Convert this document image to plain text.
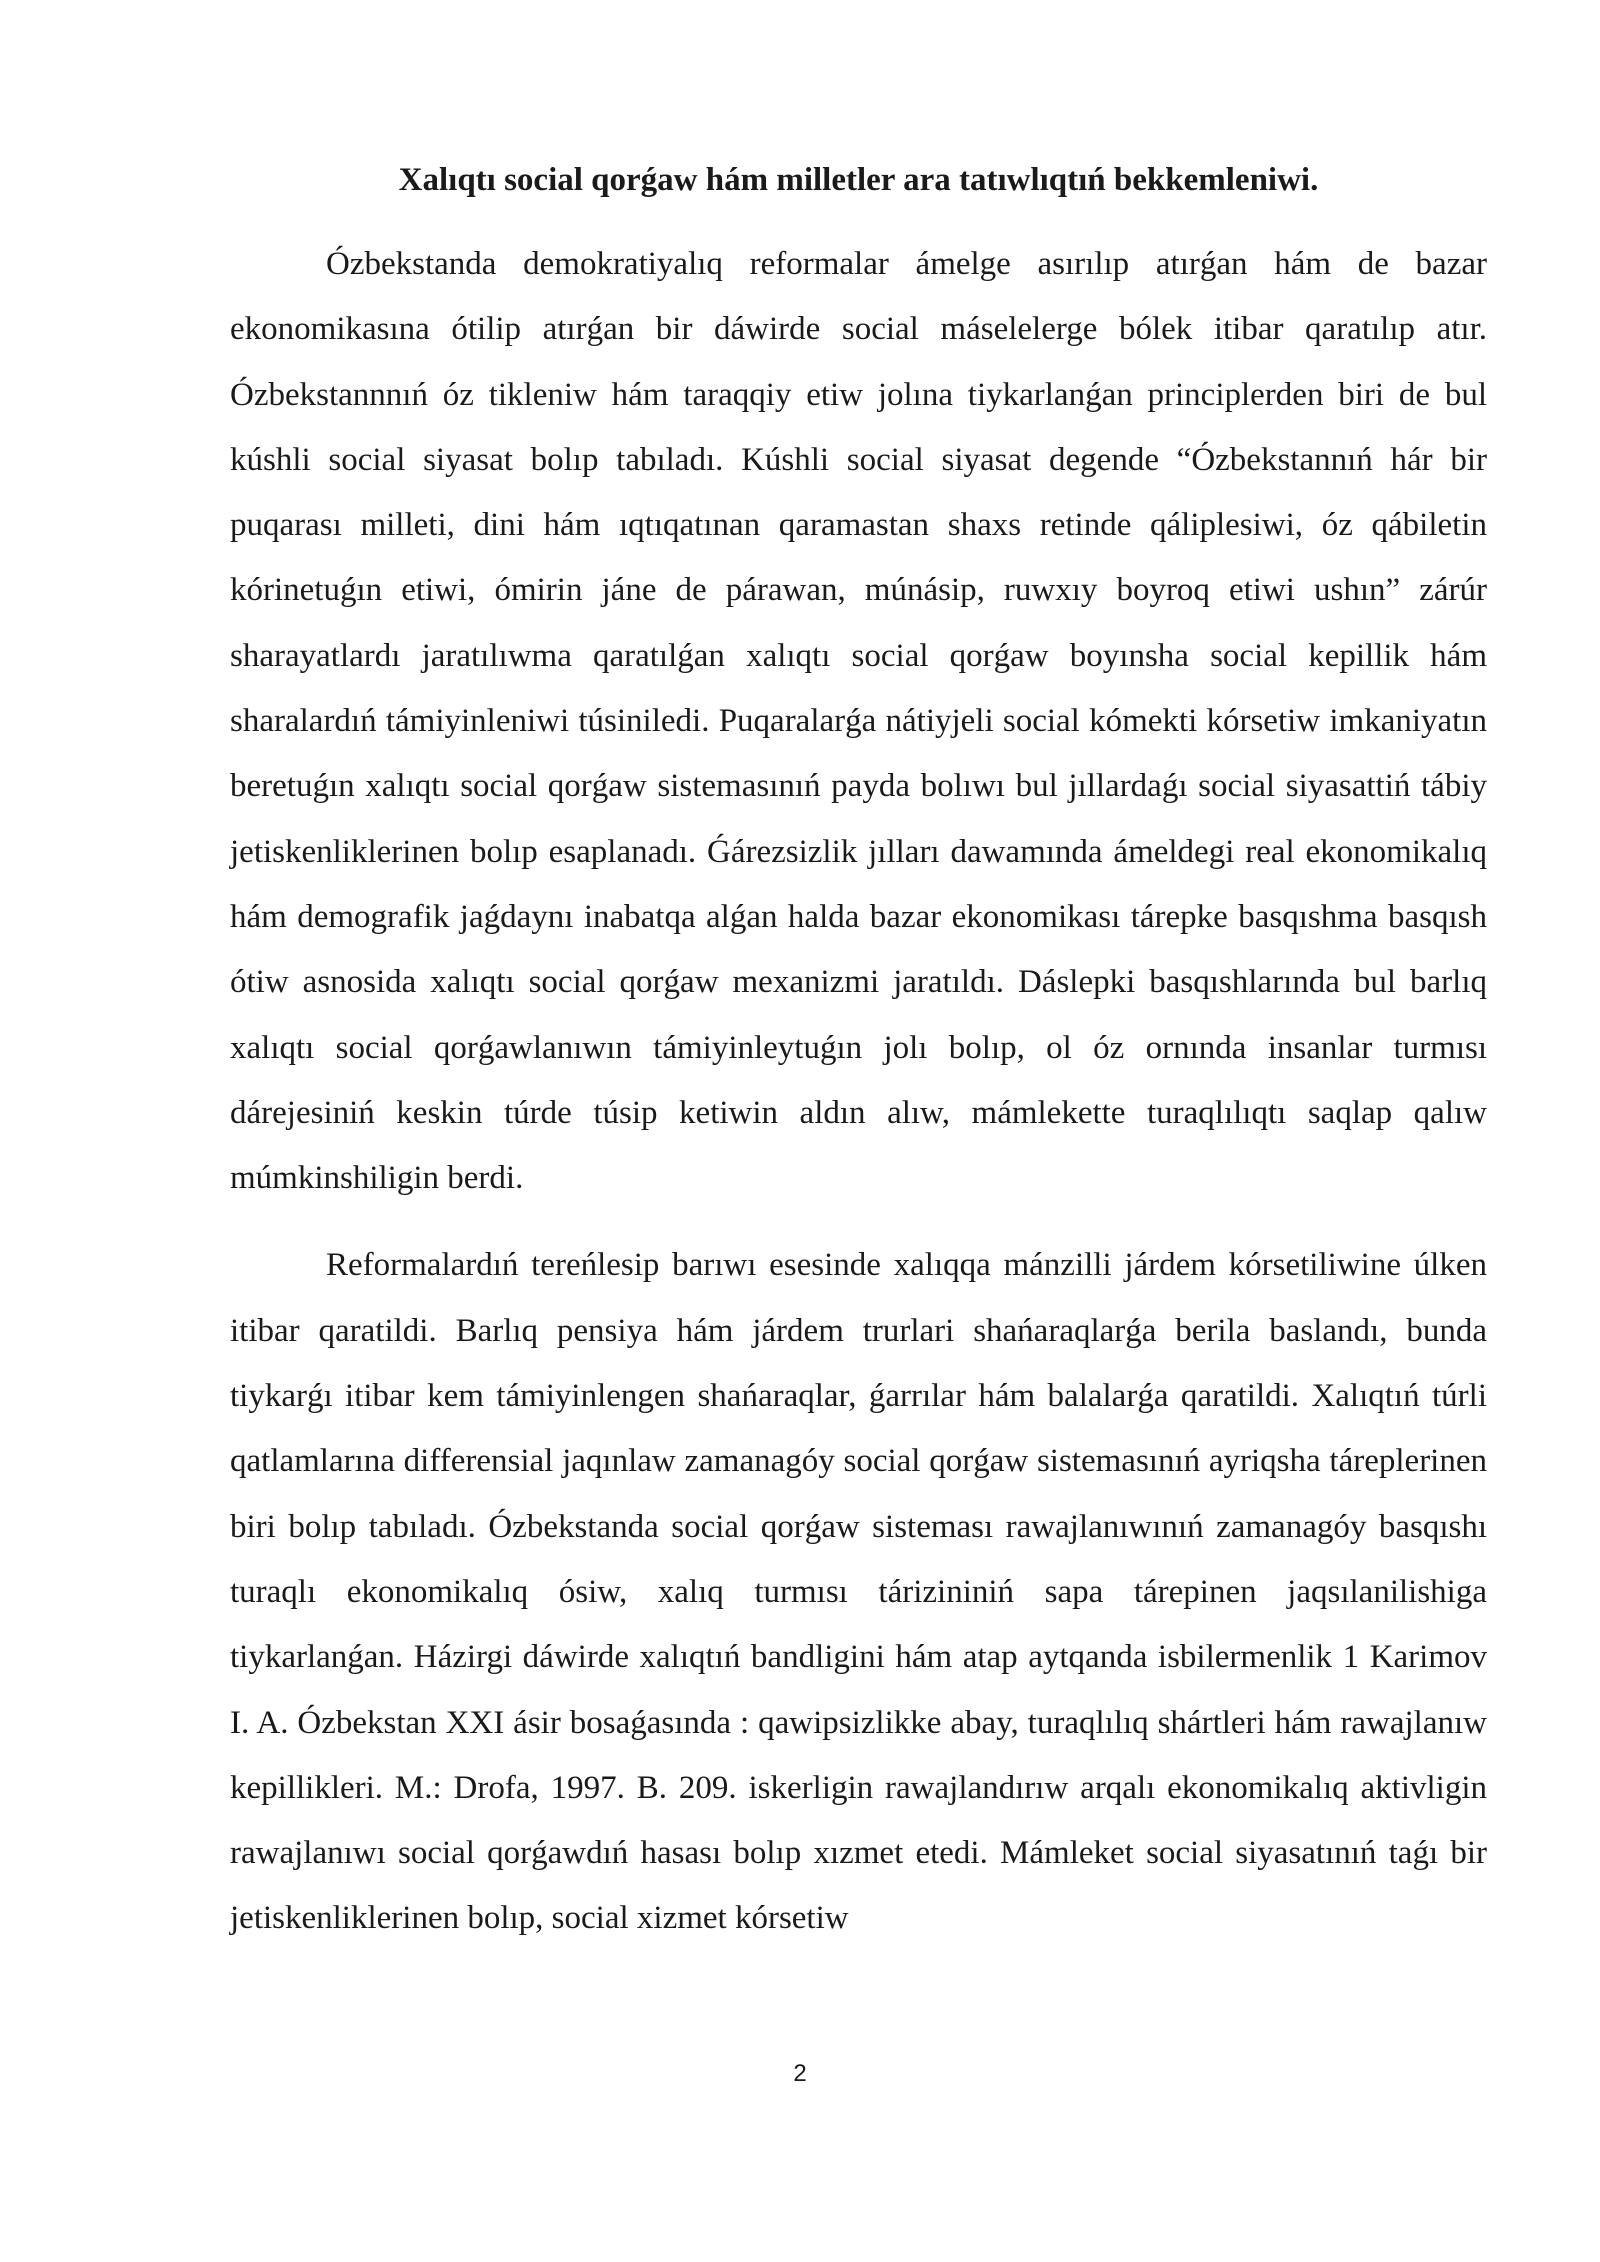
Xalıqtı social qorǵaw hám milletler ara tatıwlıqtıń bekkemleniwi.

Ózbekstanda demokratiyalıq reformalar ámelge asırılıp atırǵan hám de bazar ekonomikasına ótilip atırǵan bir dáwirde social máselelerge bólek itibar qaratılıp atır. Ózbekstannnıń óz tikleniw hám taraqqiy etiw jolına tiykarlanǵan principlerden biri de bul kúshli social siyasat bolıp tabıladı. Kúshli social siyasat degende “Ózbekstannıń hár bir puqarası milleti, dini hám ıqtıqatınan qaramastan shaxs retinde qáliplesiwi, óz qábiletin kórinetuǵın etiwi, ómirin jáne de párawan, múnásip, ruwxıy boyroq etiwi ushın” zárúr sharayatlardı jaratılıwma qaratılǵan xalıqtı social qorǵaw boyınsha social kepillik hám sharalardıń támiyinleniwi túsiniledi. Puqaralarǵa nátiyjeli social kómekti kórsetiw imkaniyatın beretuǵın xalıqtı social qorǵaw sistemasınıń payda bolıwı bul jıllardaǵı social siyasattiń tábiy jetiskenliklerinen bolıp esaplanadı. Ǵárezsizlik jılları dawamında ámeldegi real ekonomikalıq hám demografik jaǵdaynı inabatqa alǵan halda bazar ekonomikası tárepke basqıshma basqısh ótiw asnosida xalıqtı social qorǵaw mexanizmi jaratıldı. Dáslepki basqıshlarında bul barlıq xalıqtı social qorǵawlanıwın támiyinleytuǵın jolı bolıp, ol óz ornında insanlar turmısı dárejesiniń keskin túrde túsip ketiwin aldın alıw, mámlekette turaqlılıqtı saqlap qalıw múmkinshiligin berdi.

Reformalardıń tereńlesip barıwı esesinde xalıqqa mánzilli járdem kórsetiliwine úlken itibar qaratildi. Barlıq pensiya hám járdem trurlari shańaraqlarǵa berila baslandı, bunda tiykarǵı itibar kem támiyinlengen shańaraqlar, ǵarrılar hám balalarǵa qaratildi. Xalıqtıń túrli qatlamlarına differensial jaqınlaw zamanagóy social qorǵaw sistemasınıń ayriqsha táreplerinen biri bolıp tabıladı. Ózbekstanda social qorǵaw sisteması rawajlanıwınıń zamanagóy basqıshı turaqlı ekonomikalıq ósiw, xalıq turmısı tárizininiń sapa tárepinen jaqsılanilishiga tiykarlanǵan. Házirgi dáwirde xalıqtıń bandligini hám atap aytqanda isbilermenlik 1 Karimov I. A. Ózbekstan XXI ásir bosaǵasında : qawipsizlikke abay, turaqlılıq shártleri hám rawajlanıw kepillikleri. M.: Drofa, 1997. B. 209. iskerligin rawajlandırıw arqalı ekonomikalıq aktivligin rawajlanıwı social qorǵawdıń hasası bolıp xızmet etedi. Mámleket social siyasatınıń taǵı bir jetiskenliklerinen bolıp, social xizmet kórsetiw

2
